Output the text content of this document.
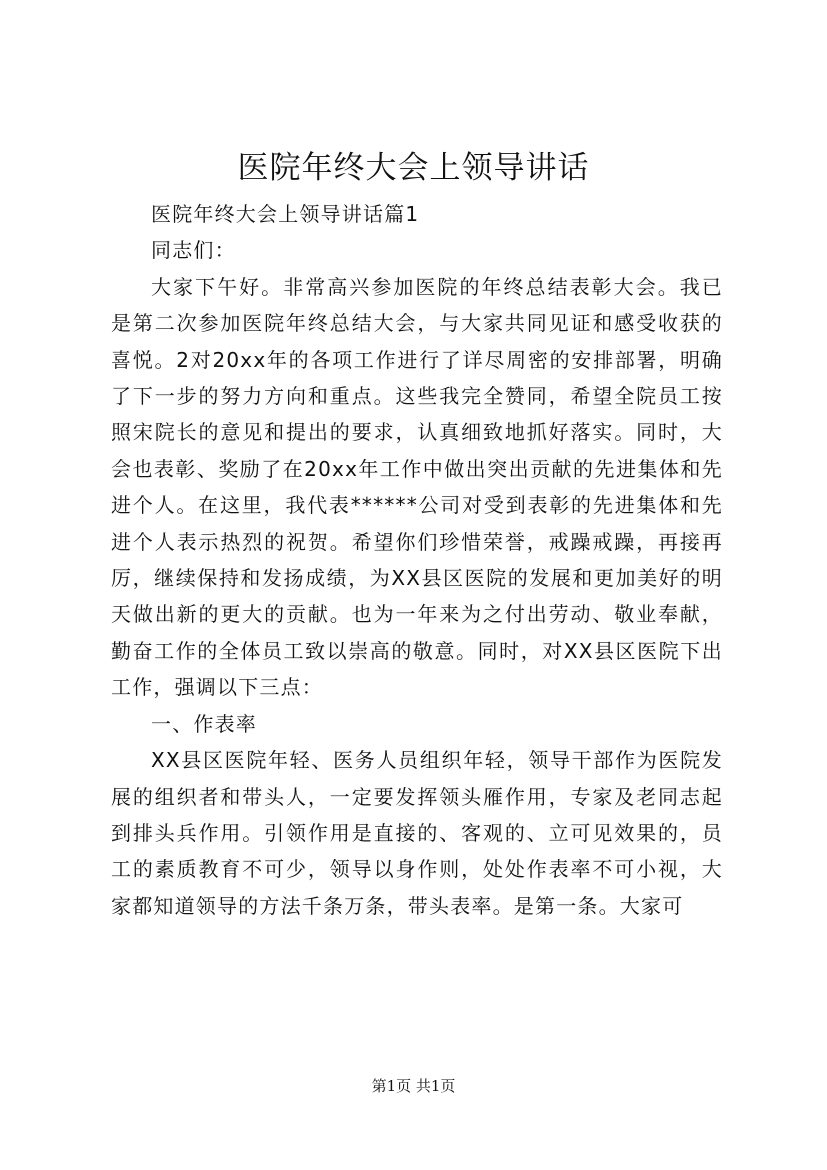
医院年终大会上领导讲话

医院年终大会上领导讲话篇1

同志们：

大家下午好。非常高兴参加医院的年终总结表彰大会。我已是第二次参加医院年终总结大会，与大家共同见证和感受收获的喜悦。2对20xx年的各项工作进行了详尽周密的安排部署，明确了下一步的努力方向和重点。这些我完全赞同，希望全院员工按照宋院长的意见和提出的要求，认真细致地抓好落实。同时，大会也表彰、奖励了在20xx年工作中做出突出贡献的先进集体和先进个人。在这里，我代表******公司对受到表彰的先进集体和先进个人表示热烈的祝贺。希望你们珍惜荣誉，戒躁戒躁，再接再厉，继续保持和发扬成绩，为XX县区医院的发展和更加美好的明天做出新的更大的贡献。也为一年来为之付出劳动、敬业奉献，勤奋工作的全体员工致以崇高的敬意。同时，对XX县区医院下出工作，强调以下三点：

一、作表率

XX县区医院年轻、医务人员组织年轻，领导干部作为医院发展的组织者和带头人，一定要发挥领头雁作用，专家及老同志起到排头兵作用。引领作用是直接的、客观的、立可见效果的，员工的素质教育不可少，领导以身作则，处处作表率不可小视，大家都知道领导的方法千条万条，带头表率。是第一条。大家可

第1页 共1页
